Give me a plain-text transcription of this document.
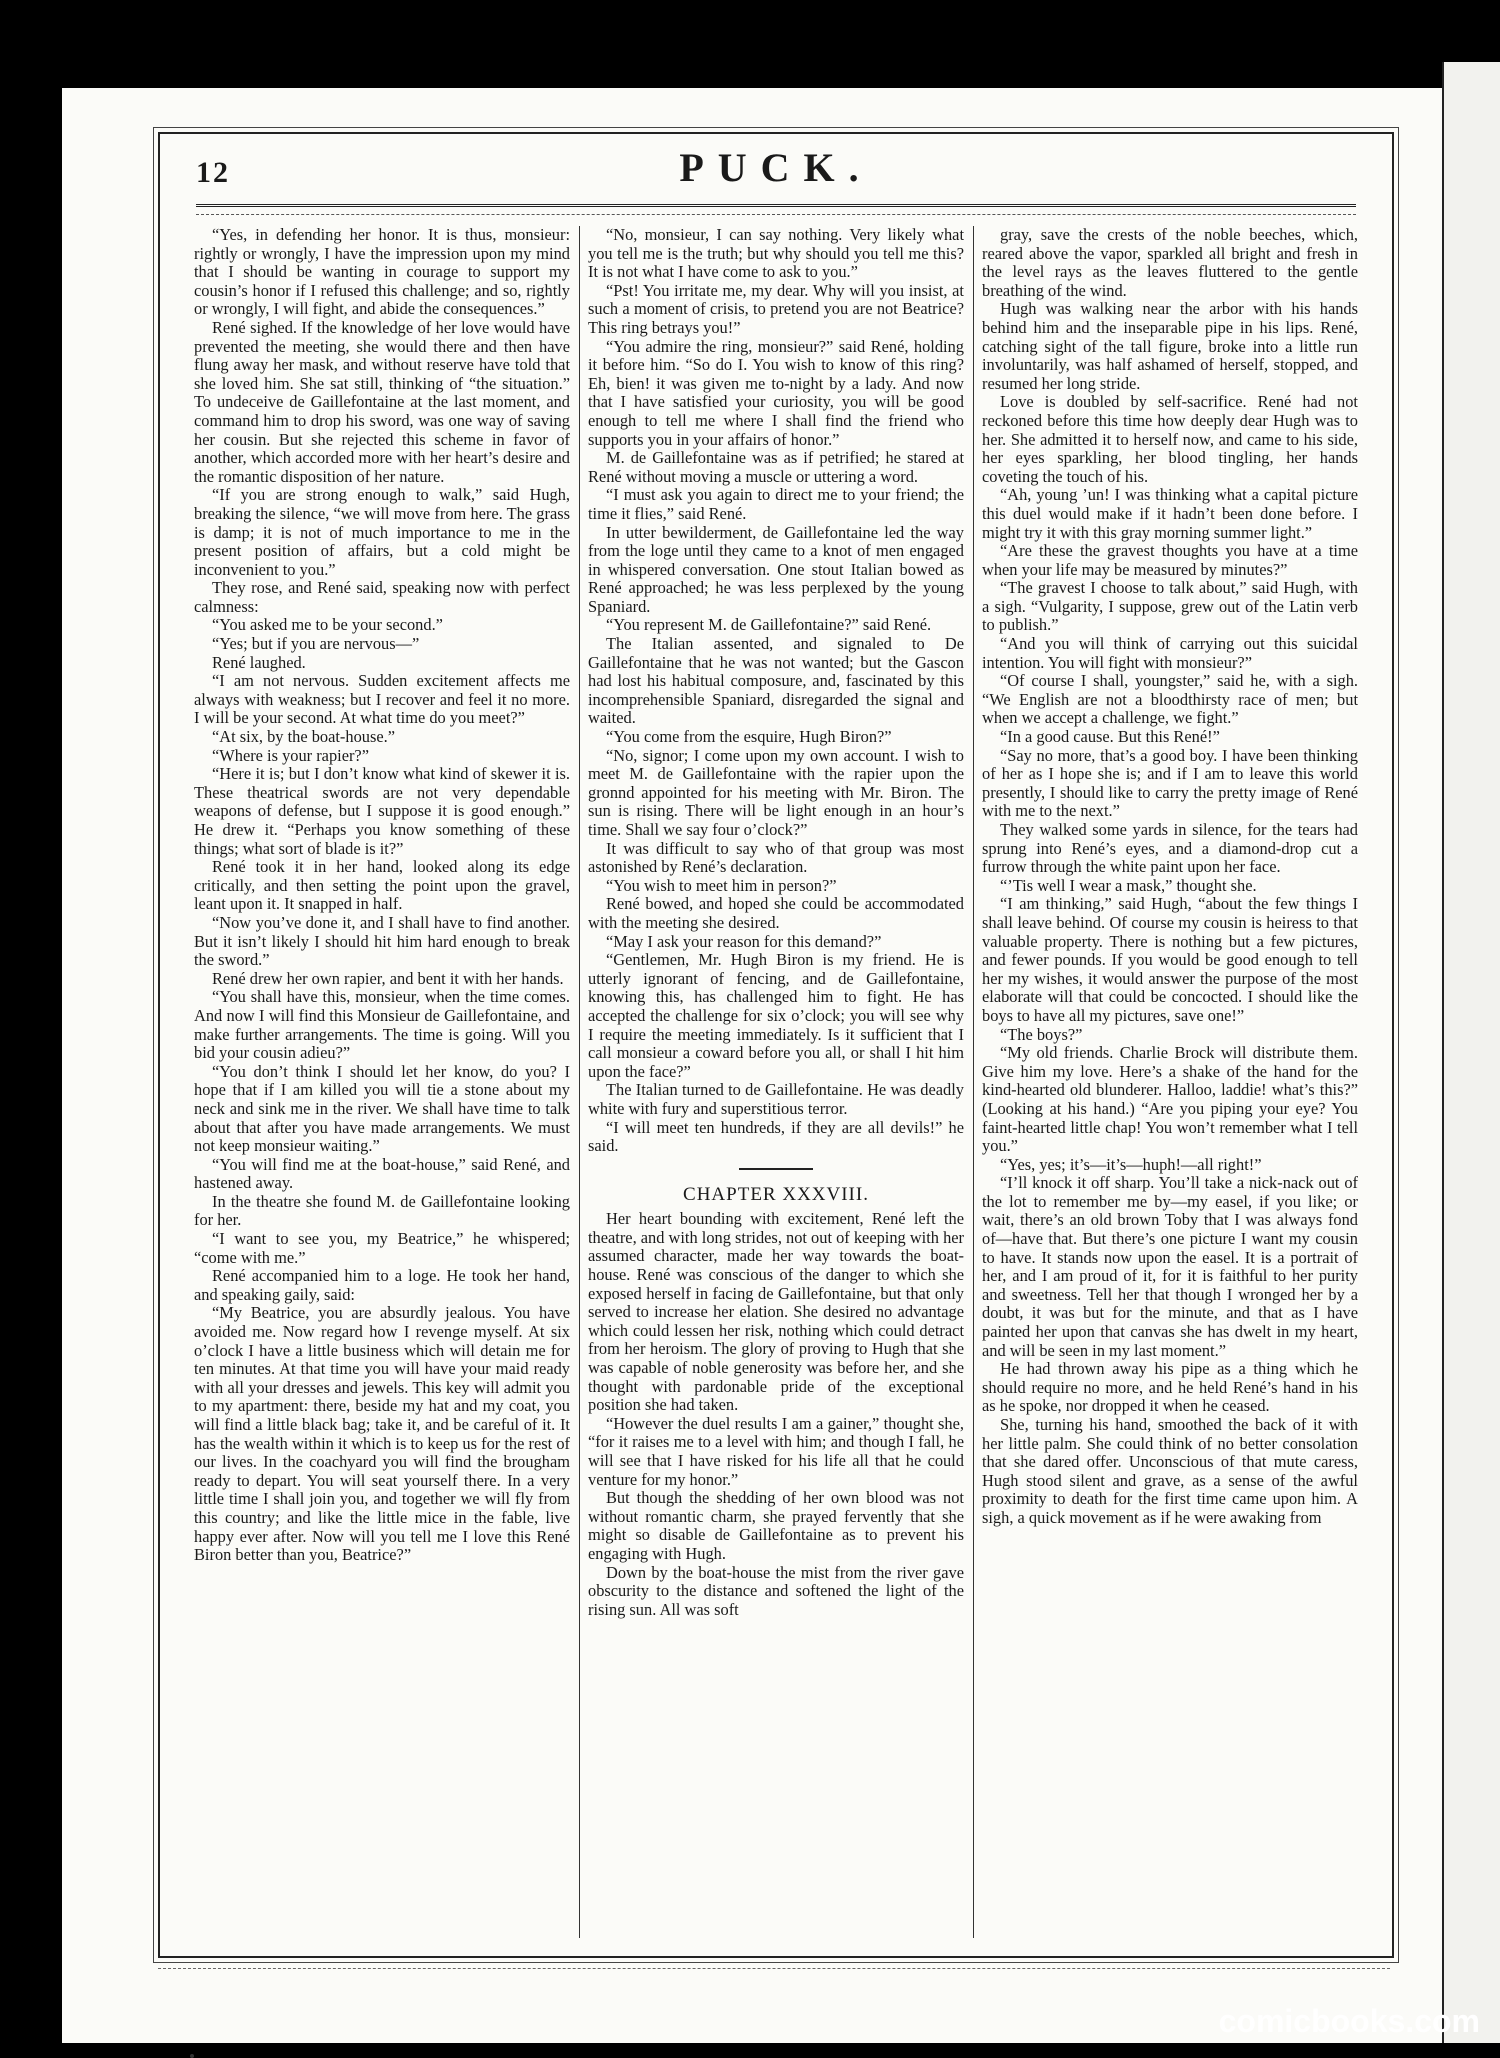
12	PUCK.

“Yes, in defending her honor. It is thus, monsieur: rightly or wrongly, I have the impression upon my mind that I should be wanting in courage to support my cousin’s honor if I refused this challenge; and so, rightly or wrongly, I will fight, and abide the consequences.”

René sighed. If the knowledge of her love would have prevented the meeting, she would there and then have flung away her mask, and without reserve have told that she loved him. She sat still, thinking of “the situation.” To undeceive de Gaillefontaine at the last moment, and command him to drop his sword, was one way of saving her cousin. But she rejected this scheme in favor of another, which accorded more with her heart’s desire and the romantic disposition of her nature.

“If you are strong enough to walk,” said Hugh, breaking the silence, “we will move from here. The grass is damp; it is not of much importance to me in the present position of affairs, but a cold might be inconvenient to you.”

They rose, and René said, speaking now with perfect calmness:

“You asked me to be your second.”

“Yes; but if you are nervous—”

René laughed.

“I am not nervous. Sudden excitement affects me always with weakness; but I recover and feel it no more. I will be your second. At what time do you meet?”

“At six, by the boat-house.”

“Where is your rapier?”

“Here it is; but I don’t know what kind of skewer it is. These theatrical swords are not very dependable weapons of defense, but I suppose it is good enough.” He drew it. “Perhaps you know something of these things; what sort of blade is it?”

René took it in her hand, looked along its edge critically, and then setting the point upon the gravel, leant upon it. It snapped in half.

“Now you’ve done it, and I shall have to find another. But it isn’t likely I should hit him hard enough to break the sword.”

René drew her own rapier, and bent it with her hands.

“You shall have this, monsieur, when the time comes. And now I will find this Monsieur de Gaillefontaine, and make further arrangements. The time is going. Will you bid your cousin adieu?”

“You don’t think I should let her know, do you? I hope that if I am killed you will tie a stone about my neck and sink me in the river. We shall have time to talk about that after you have made arrangements. We must not keep monsieur waiting.”

“You will find me at the boat-house,” said René, and hastened away.

In the theatre she found M. de Gaillefontaine looking for her.

“I want to see you, my Beatrice,” he whispered; “come with me.”

René accompanied him to a loge. He took her hand, and speaking gaily, said:

“My Beatrice, you are absurdly jealous. You have avoided me. Now regard how I revenge myself. At six o’clock I have a little business which will detain me for ten minutes. At that time you will have your maid ready with all your dresses and jewels. This key will admit you to my apartment: there, beside my hat and my coat, you will find a little black bag; take it, and be careful of it. It has the wealth within it which is to keep us for the rest of our lives. In the coachyard you will find the brougham ready to depart. You will seat yourself there. In a very little time I shall join you, and together we will fly from this country; and like the little mice in the fable, live happy ever after. Now will you tell me I love this René Biron better than you, Beatrice?”

“No, monsieur, I can say nothing. Very likely what you tell me is the truth; but why should you tell me this? It is not what I have come to ask to you.”

“Pst! You irritate me, my dear. Why will you insist, at such a moment of crisis, to pretend you are not Beatrice? This ring betrays you!”

“You admire the ring, monsieur?” said René, holding it before him. “So do I. You wish to know of this ring? Eh, bien! it was given me to-night by a lady. And now that I have satisfied your curiosity, you will be good enough to tell me where I shall find the friend who supports you in your affairs of honor.”

M. de Gaillefontaine was as if petrified; he stared at René without moving a muscle or uttering a word.

“I must ask you again to direct me to your friend; the time it flies,” said René.

In utter bewilderment, de Gaillefontaine led the way from the loge until they came to a knot of men engaged in whispered conversation. One stout Italian bowed as René approached; he was less perplexed by the young Spaniard.

“You represent M. de Gaillefontaine?” said René.

The Italian assented, and signaled to De Gaillefontaine that he was not wanted; but the Gascon had lost his habitual composure, and, fascinated by this incomprehensible Spaniard, disregarded the signal and waited.

“You come from the esquire, Hugh Biron?”

“No, signor; I come upon my own account. I wish to meet M. de Gaillefontaine with the rapier upon the gronnd appointed for his meeting with Mr. Biron. The sun is rising. There will be light enough in an hour’s time. Shall we say four o’clock?”

It was difficult to say who of that group was most astonished by René’s declaration.

“You wish to meet him in person?”

René bowed, and hoped she could be accommodated with the meeting she desired.

“May I ask your reason for this demand?”

“Gentlemen, Mr. Hugh Biron is my friend. He is utterly ignorant of fencing, and de Gaillefontaine, knowing this, has challenged him to fight. He has accepted the challenge for six o’clock; you will see why I require the meeting immediately. Is it sufficient that I call monsieur a coward before you all, or shall I hit him upon the face?”

The Italian turned to de Gaillefontaine. He was deadly white with fury and superstitious terror.

“I will meet ten hundreds, if they are all devils!” he said.

CHAPTER XXXVIII.

Her heart bounding with excitement, René left the theatre, and with long strides, not out of keeping with her assumed character, made her way towards the boat-house. René was conscious of the danger to which she exposed herself in facing de Gaillefontaine, but that only served to increase her elation. She desired no advantage which could lessen her risk, nothing which could detract from her heroism. The glory of proving to Hugh that she was capable of noble generosity was before her, and she thought with pardonable pride of the exceptional position she had taken.

“However the duel results I am a gainer,” thought she, “for it raises me to a level with him; and though I fall, he will see that I have risked for his life all that he could venture for my honor.”

But though the shedding of her own blood was not without romantic charm, she prayed fervently that she might so disable de Gaillefontaine as to prevent his engaging with Hugh.

Down by the boat-house the mist from the river gave obscurity to the distance and softened the light of the rising sun. All was soft

gray, save the crests of the noble beeches, which, reared above the vapor, sparkled all bright and fresh in the level rays as the leaves fluttered to the gentle breathing of the wind.

Hugh was walking near the arbor with his hands behind him and the inseparable pipe in his lips. René, catching sight of the tall figure, broke into a little run involuntarily, was half ashamed of herself, stopped, and resumed her long stride.

Love is doubled by self-sacrifice. René had not reckoned before this time how deeply dear Hugh was to her. She admitted it to herself now, and came to his side, her eyes sparkling, her blood tingling, her hands coveting the touch of his.

“Ah, young ’un! I was thinking what a capital picture this duel would make if it hadn’t been done before. I might try it with this gray morning summer light.”

“Are these the gravest thoughts you have at a time when your life may be measured by minutes?”

“The gravest I choose to talk about,” said Hugh, with a sigh. “Vulgarity, I suppose, grew out of the Latin verb to publish.”

“And you will think of carrying out this suicidal intention. You will fight with monsieur?”

“Of course I shall, youngster,” said he, with a sigh. “We English are not a bloodthirsty race of men; but when we accept a challenge, we fight.”

“In a good cause. But this René!”

“Say no more, that’s a good boy. I have been thinking of her as I hope she is; and if I am to leave this world presently, I should like to carry the pretty image of René with me to the next.”

They walked some yards in silence, for the tears had sprung into René’s eyes, and a diamond-drop cut a furrow through the white paint upon her face.

“’Tis well I wear a mask,” thought she.

“I am thinking,” said Hugh, “about the few things I shall leave behind. Of course my cousin is heiress to that valuable property. There is nothing but a few pictures, and fewer pounds. If you would be good enough to tell her my wishes, it would answer the purpose of the most elaborate will that could be concocted. I should like the boys to have all my pictures, save one!”

“The boys?”

“My old friends. Charlie Brock will distribute them. Give him my love. Here’s a shake of the hand for the kind-hearted old blunderer. Halloo, laddie! what’s this?” (Looking at his hand.) “Are you piping your eye? You faint-hearted little chap! You won’t remember what I tell you.”

“Yes, yes; it’s—it’s—huph!—all right!”

“I’ll knock it off sharp. You’ll take a nick-nack out of the lot to remember me by—my easel, if you like; or wait, there’s an old brown Toby that I was always fond of—have that. But there’s one picture I want my cousin to have. It stands now upon the easel. It is a portrait of her, and I am proud of it, for it is faithful to her purity and sweetness. Tell her that though I wronged her by a doubt, it was but for the minute, and that as I have painted her upon that canvas she has dwelt in my heart, and will be seen in my last moment.”

He had thrown away his pipe as a thing which he should require no more, and he held René’s hand in his as he spoke, nor dropped it when he ceased.

She, turning his hand, smoothed the back of it with her little palm. She could think of no better consolation that she dared offer. Unconscious of that mute caress, Hugh stood silent and grave, as a sense of the awful proximity to death for the first time came upon him. A sigh, a quick movement as if he were awaking from

comicbooks.com
